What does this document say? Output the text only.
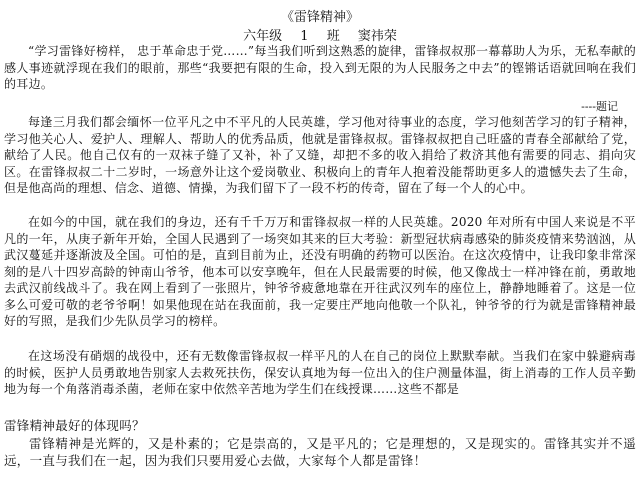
《雷锋精神》
六年级 1 班 窦祎荣

“学习雷锋好榜样， 忠于革命忠于党……”每当我们听到这熟悉的旋律，雷锋叔叔那一幕幕助人为乐，无私奉献的感人事迹就浮现在我们的眼前，那些“我要把有限的生命，投入到无限的为人民服务之中去”的铿锵话语就回响在我们的耳边。

----题记

每逢三月我们都会缅怀一位平凡之中不平凡的人民英雄，学习他对待事业的态度，学习他刻苦学习的钉子精神，学习他关心人、爱护人、理解人、帮助人的优秀品质，他就是雷锋叔叔。雷锋叔叔把自己旺盛的青春全部献给了党，献给了人民。他自己仅有的一双袜子缝了又补，补了又缝，却把不多的收入捐给了救济其他有需要的同志、捐向灾区。在雷锋叔叔二十二岁时，一场意外让这个爱岗敬业、积极向上的青年人抱着没能帮助更多人的遗憾失去了生命，但是他高尚的理想、信念、道德、情操，为我们留下了一段不朽的传奇，留在了每一个人的心中。

在如今的中国，就在我们的身边，还有千千万万和雷锋叔叔一样的人民英雄。2020 年对所有中国人来说是不平凡的一年，从庚子新年开始，全国人民遇到了一场突如其来的巨大考验：新型冠状病毒感染的肺炎疫情来势汹汹，从武汉蔓延并逐渐波及全国。可怕的是，直到目前为止，还没有明确的药物可以医治。在这次疫情中，让我印象非常深刻的是八十四岁高龄的钟南山爷爷，他本可以安享晚年，但在人民最需要的时候，他又像战士一样冲锋在前，勇敢地去武汉前线战斗了。我在网上看到了一张照片，钟爷爷疲惫地靠在开往武汉列车的座位上，静静地睡着了。这是一位多么可爱可敬的老爷爷啊！如果他现在站在我面前，我一定要庄严地向他敬一个队礼，钟爷爷的行为就是雷锋精神最好的写照，是我们少先队员学习的榜样。

在这场没有硝烟的战役中，还有无数像雷锋叔叔一样平凡的人在自己的岗位上默默奉献。当我们在家中躲避病毒的时候，医护人员勇敢地告别家人去救死扶伤，保安认真地为每一位出入的住户测量体温，街上消毒的工作人员辛勤地为每一个角落消毒杀菌，老师在家中依然辛苦地为学生们在线授课……这些不都是

雷锋精神最好的体现吗？

雷锋精神是光辉的，又是朴素的；它是崇高的，又是平凡的；它是理想的，又是现实的。雷锋其实并不遥远，一直与我们在一起，因为我们只要用爱心去做，大家每个人都是雷锋！
